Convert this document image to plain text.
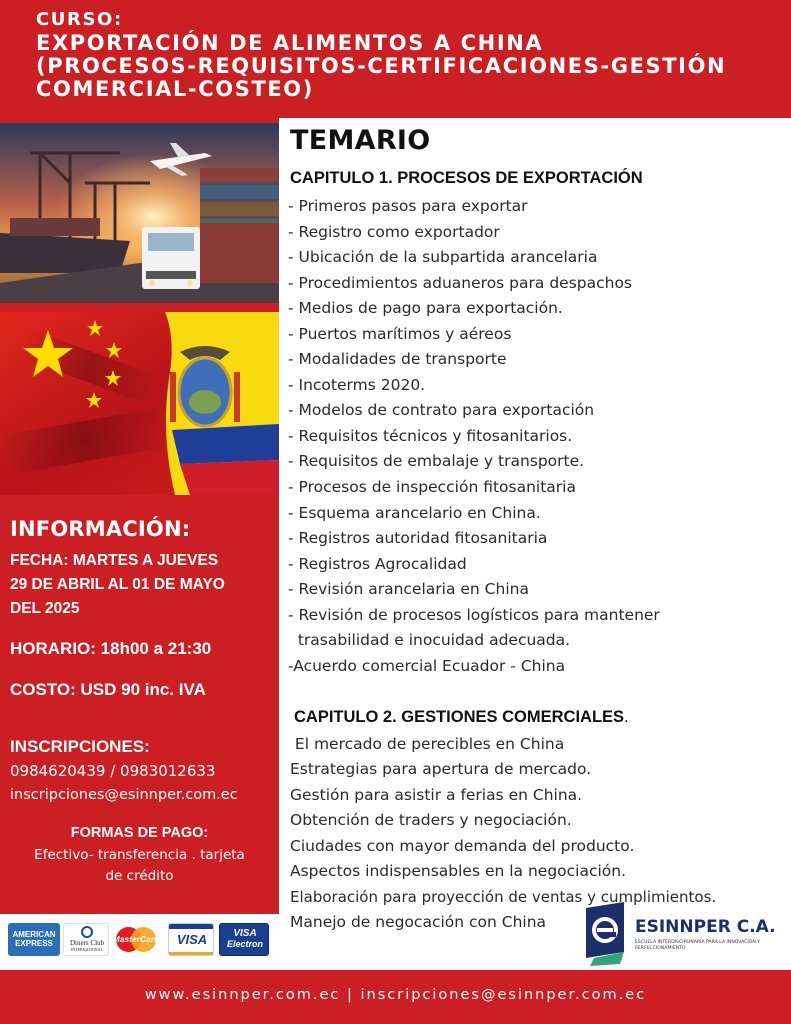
CURSO:
EXPORTACIÓN DE ALIMENTOS A CHINA
(PROCESOS-REQUISITOS-CERTIFICACIONES-GESTIÓN
COMERCIAL-COSTEO)
TEMARIO
CAPITULO 1. PROCESOS DE EXPORTACIÓN
- Primeros pasos para exportar
- Registro como exportador
- Ubicación de la subpartida arancelaria
- Procedimientos aduaneros para despachos
- Medios de pago para exportación.
- Puertos marítimos y aéreos
- Modalidades de transporte
- Incoterms 2020.
- Modelos de contrato para exportación
- Requisitos técnicos y fitosanitarios.
- Requisitos de embalaje y transporte.
- Procesos de inspección fitosanitaria
- Esquema arancelario en China.
- Registros autoridad fitosanitaria
- Registros Agrocalidad
- Revisión arancelaria en China
- Revisión de procesos logísticos para mantener
trasabilidad e inocuidad adecuada.
-Acuerdo comercial Ecuador - China
CAPITULO 2. GESTIONES COMERCIALES.
El mercado de perecibles en China
Estrategias para apertura de mercado.
Gestión para asistir a ferias en China.
Obtención de traders y negociación.
Ciudades con mayor demanda del producto.
Aspectos indispensables en la negociación.
Elaboración para proyección de ventas y cumplimientos.
Manejo de negocación con China	ESINNPER C.A.
ESCUELA INTERDISCIPLINARIA PARA LA INNOVACIÓN Y PERFECCIONAMIENTO
INFORMACIÓN:
FECHA: MARTES A JUEVES
29 DE ABRIL AL 01 DE MAYO
DEL 2025
HORARIO: 18h00 a 21:30
COSTO: USD 90 inc. IVA
INSCRIPCIONES:
0984620439 / 0983012633
inscripciones@esinnper.com.ec
FORMAS DE PAGO:
Efectivo- transferencia . tarjeta
de crédito
AMERICAN
EXPRESS	Diners Club
INTERNATIONAL
MasterCard	VISA	VISA
Electron
www.esinnper.com.ec | inscripciones@esinnper.com.ec
